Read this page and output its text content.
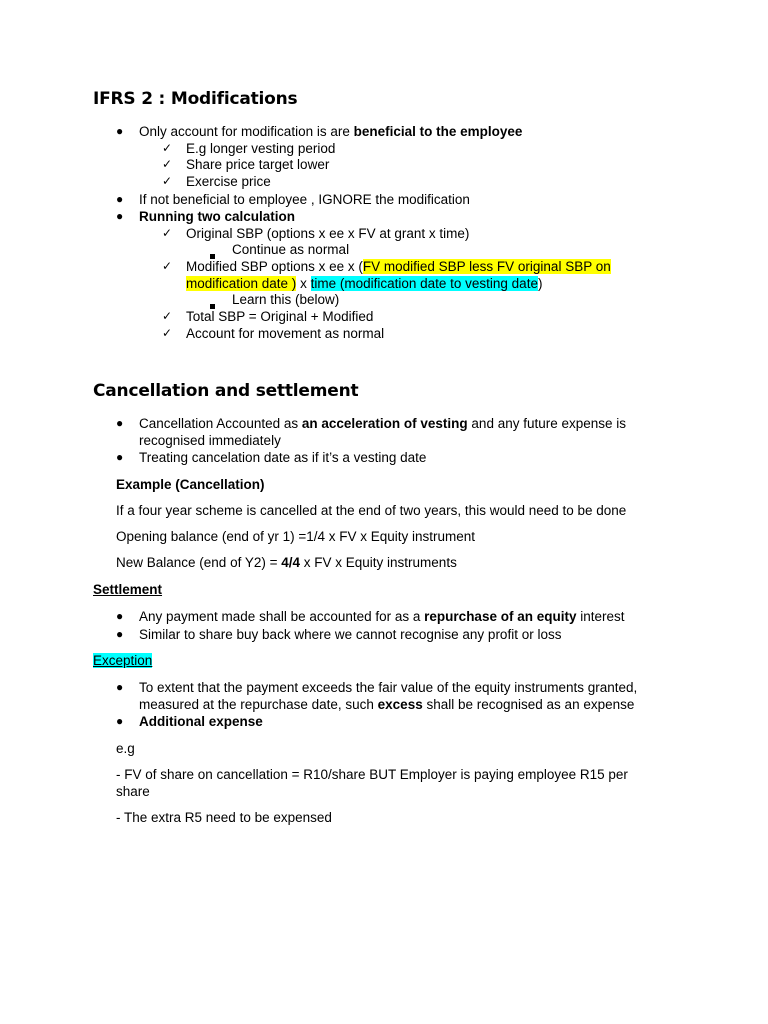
IFRS 2 : Modifications
● Only account for modification is are beneficial to the employee
✓ E.g longer vesting period
✓ Share price target lower
✓ Exercise price
● If not beneficial to employee , IGNORE the modification
● Running two calculation
✓ Original SBP (options x ee x FV at grant x time)
Continue as normal
✓ Modified SBP options x ee x (FV modified SBP less FV original SBP on
modification date ) x time (modification date to vesting date)
Learn this (below)
✓ Total SBP = Original + Modified
✓ Account for movement as normal
Cancellation and settlement
● Cancellation Accounted as an acceleration of vesting and any future expense is
recognised immediately
● Treating cancelation date as if it’s a vesting date
Example (Cancellation)
If a four year scheme is cancelled at the end of two years, this would need to be done
Opening balance (end of yr 1) =1/4 x FV x Equity instrument
New Balance (end of Y2) = 4/4 x FV x Equity instruments
Settlement
● Any payment made shall be accounted for as a repurchase of an equity interest
● Similar to share buy back where we cannot recognise any profit or loss
Exception
● To extent that the payment exceeds the fair value of the equity instruments granted,
measured at the repurchase date, such excess shall be recognised as an expense
● Additional expense
e.g
- FV of share on cancellation = R10/share BUT Employer is paying employee R15 per
share
- The extra R5 need to be expensed
